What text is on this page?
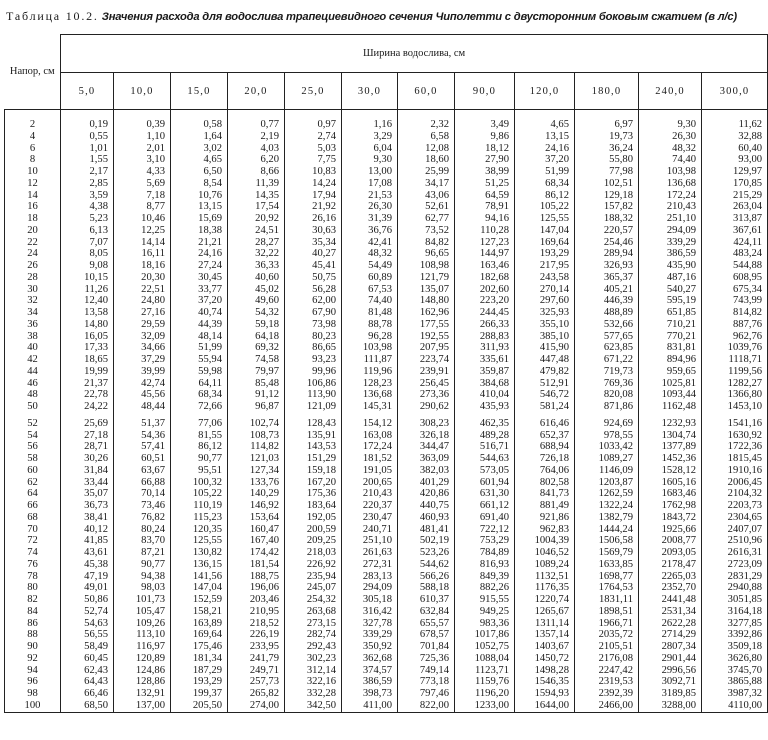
Таблица 10.2. Значения расхода для водослива трапециевидного сечения Чиполетти с двусторонним боковым сжатием (в л/с)
Напор, см	Ширина водослива, см											
	5,0	10,0	15,0	20,0	25,0	30,0	60,0	90,0	120,0	180,0	240,0	300,0
2	0,19	0,39	0,58	0,77	0,97	1,16	2,32	3,49	4,65	6,97	9,30	11,62
4	0,55	1,10	1,64	2,19	2,74	3,29	6,58	9,86	13,15	19,73	26,30	32,88
6	1,01	2,01	3,02	4,03	5,03	6,04	12,08	18,12	24,16	36,24	48,32	60,40
8	1,55	3,10	4,65	6,20	7,75	9,30	18,60	27,90	37,20	55,80	74,40	93,00
10	2,17	4,33	6,50	8,66	10,83	13,00	25,99	38,99	51,99	77,98	103,98	129,97
12	2,85	5,69	8,54	11,39	14,24	17,08	34,17	51,25	68,34	102,51	136,68	170,85
14	3,59	7,18	10,76	14,35	17,94	21,53	43,06	64,59	86,12	129,18	172,24	215,29
16	4,38	8,77	13,15	17,54	21,92	26,30	52,61	78,91	105,22	157,82	210,43	263,04
18	5,23	10,46	15,69	20,92	26,16	31,39	62,77	94,16	125,55	188,32	251,10	313,87
20	6,13	12,25	18,38	24,51	30,63	36,76	73,52	110,28	147,04	220,57	294,09	367,61
22	7,07	14,14	21,21	28,27	35,34	42,41	84,82	127,23	169,64	254,46	339,29	424,11
24	8,05	16,11	24,16	32,22	40,27	48,32	96,65	144,97	193,29	289,94	386,59	483,24
26	9,08	18,16	27,24	36,33	45,41	54,49	108,98	163,46	217,95	326,93	435,90	544,88
28	10,15	20,30	30,45	40,60	50,75	60,89	121,79	182,68	243,58	365,37	487,16	608,95
30	11,26	22,51	33,77	45,02	56,28	67,53	135,07	202,60	270,14	405,21	540,27	675,34
32	12,40	24,80	37,20	49,60	62,00	74,40	148,80	223,20	297,60	446,39	595,19	743,99
34	13,58	27,16	40,74	54,32	67,90	81,48	162,96	244,45	325,93	488,89	651,85	814,82
36	14,80	29,59	44,39	59,18	73,98	88,78	177,55	266,33	355,10	532,66	710,21	887,76
38	16,05	32,09	48,14	64,18	80,23	96,28	192,55	288,83	385,10	577,65	770,21	962,76
40	17,33	34,66	51,99	69,32	86,65	103,98	207,95	311,93	415,90	623,85	831,81	1039,76
42	18,65	37,29	55,94	74,58	93,23	111,87	223,74	335,61	447,48	671,22	894,96	1118,71
44	19,99	39,99	59,98	79,97	99,96	119,96	239,91	359,87	479,82	719,73	959,65	1199,56
46	21,37	42,74	64,11	85,48	106,86	128,23	256,45	384,68	512,91	769,36	1025,81	1282,27
48	22,78	45,56	68,34	91,12	113,90	136,68	273,36	410,04	546,72	820,08	1093,44	1366,80
50	24,22	48,44	72,66	96,87	121,09	145,31	290,62	435,93	581,24	871,86	1162,48	1453,10
52	25,69	51,37	77,06	102,74	128,43	154,12	308,23	462,35	616,46	924,69	1232,93	1541,16
54	27,18	54,36	81,55	108,73	135,91	163,08	326,18	489,28	652,37	978,55	1304,74	1630,92
56	28,71	57,41	86,12	114,82	143,53	172,24	344,47	516,71	688,94	1033,42	1377,89	1722,36
58	30,26	60,51	90,77	121,03	151,29	181,52	363,09	544,63	726,18	1089,27	1452,36	1815,45
60	31,84	63,67	95,51	127,34	159,18	191,05	382,03	573,05	764,06	1146,09	1528,12	1910,16
62	33,44	66,88	100,32	133,76	167,20	200,65	401,29	601,94	802,58	1203,87	1605,16	2006,45
64	35,07	70,14	105,22	140,29	175,36	210,43	420,86	631,30	841,73	1262,59	1683,46	2104,32
66	36,73	73,46	110,19	146,92	183,64	220,37	440,75	661,12	881,49	1322,24	1762,98	2203,73
68	38,41	76,82	115,23	153,64	192,05	230,47	460,93	691,40	921,86	1382,79	1843,72	2304,65
70	40,12	80,24	120,35	160,47	200,59	240,71	481,41	722,12	962,83	1444,24	1925,66	2407,07
72	41,85	83,70	125,55	167,40	209,25	251,10	502,19	753,29	1004,39	1506,58	2008,77	2510,96
74	43,61	87,21	130,82	174,42	218,03	261,63	523,26	784,89	1046,52	1569,79	2093,05	2616,31
76	45,38	90,77	136,15	181,54	226,92	272,31	544,62	816,93	1089,24	1633,85	2178,47	2723,09
78	47,19	94,38	141,56	188,75	235,94	283,13	566,26	849,39	1132,51	1698,77	2265,03	2831,29
80	49,01	98,03	147,04	196,06	245,07	294,09	588,18	882,26	1176,35	1764,53	2352,70	2940,88
82	50,86	101,73	152,59	203,46	254,32	305,18	610,37	915,55	1220,74	1831,11	2441,48	3051,85
84	52,74	105,47	158,21	210,95	263,68	316,42	632,84	949,25	1265,67	1898,51	2531,34	3164,18
86	54,63	109,26	163,89	218,52	273,15	327,78	655,57	983,36	1311,14	1966,71	2622,28	3277,85
88	56,55	113,10	169,64	226,19	282,74	339,29	678,57	1017,86	1357,14	2035,72	2714,29	3392,86
90	58,49	116,97	175,46	233,95	292,43	350,92	701,84	1052,75	1403,67	2105,51	2807,34	3509,18
92	60,45	120,89	181,34	241,79	302,23	362,68	725,36	1088,04	1450,72	2176,08	2901,44	3626,80
94	62,43	124,86	187,29	249,71	312,14	374,57	749,14	1123,71	1498,28	2247,42	2996,56	3745,70
96	64,43	128,86	193,29	257,73	322,16	386,59	773,18	1159,76	1546,35	2319,53	3092,71	3865,88
98	66,46	132,91	199,37	265,82	332,28	398,73	797,46	1196,20	1594,93	2392,39	3189,85	3987,32
100	68,50	137,00	205,50	274,00	342,50	411,00	822,00	1233,00	1644,00	2466,00	3288,00	4110,00
